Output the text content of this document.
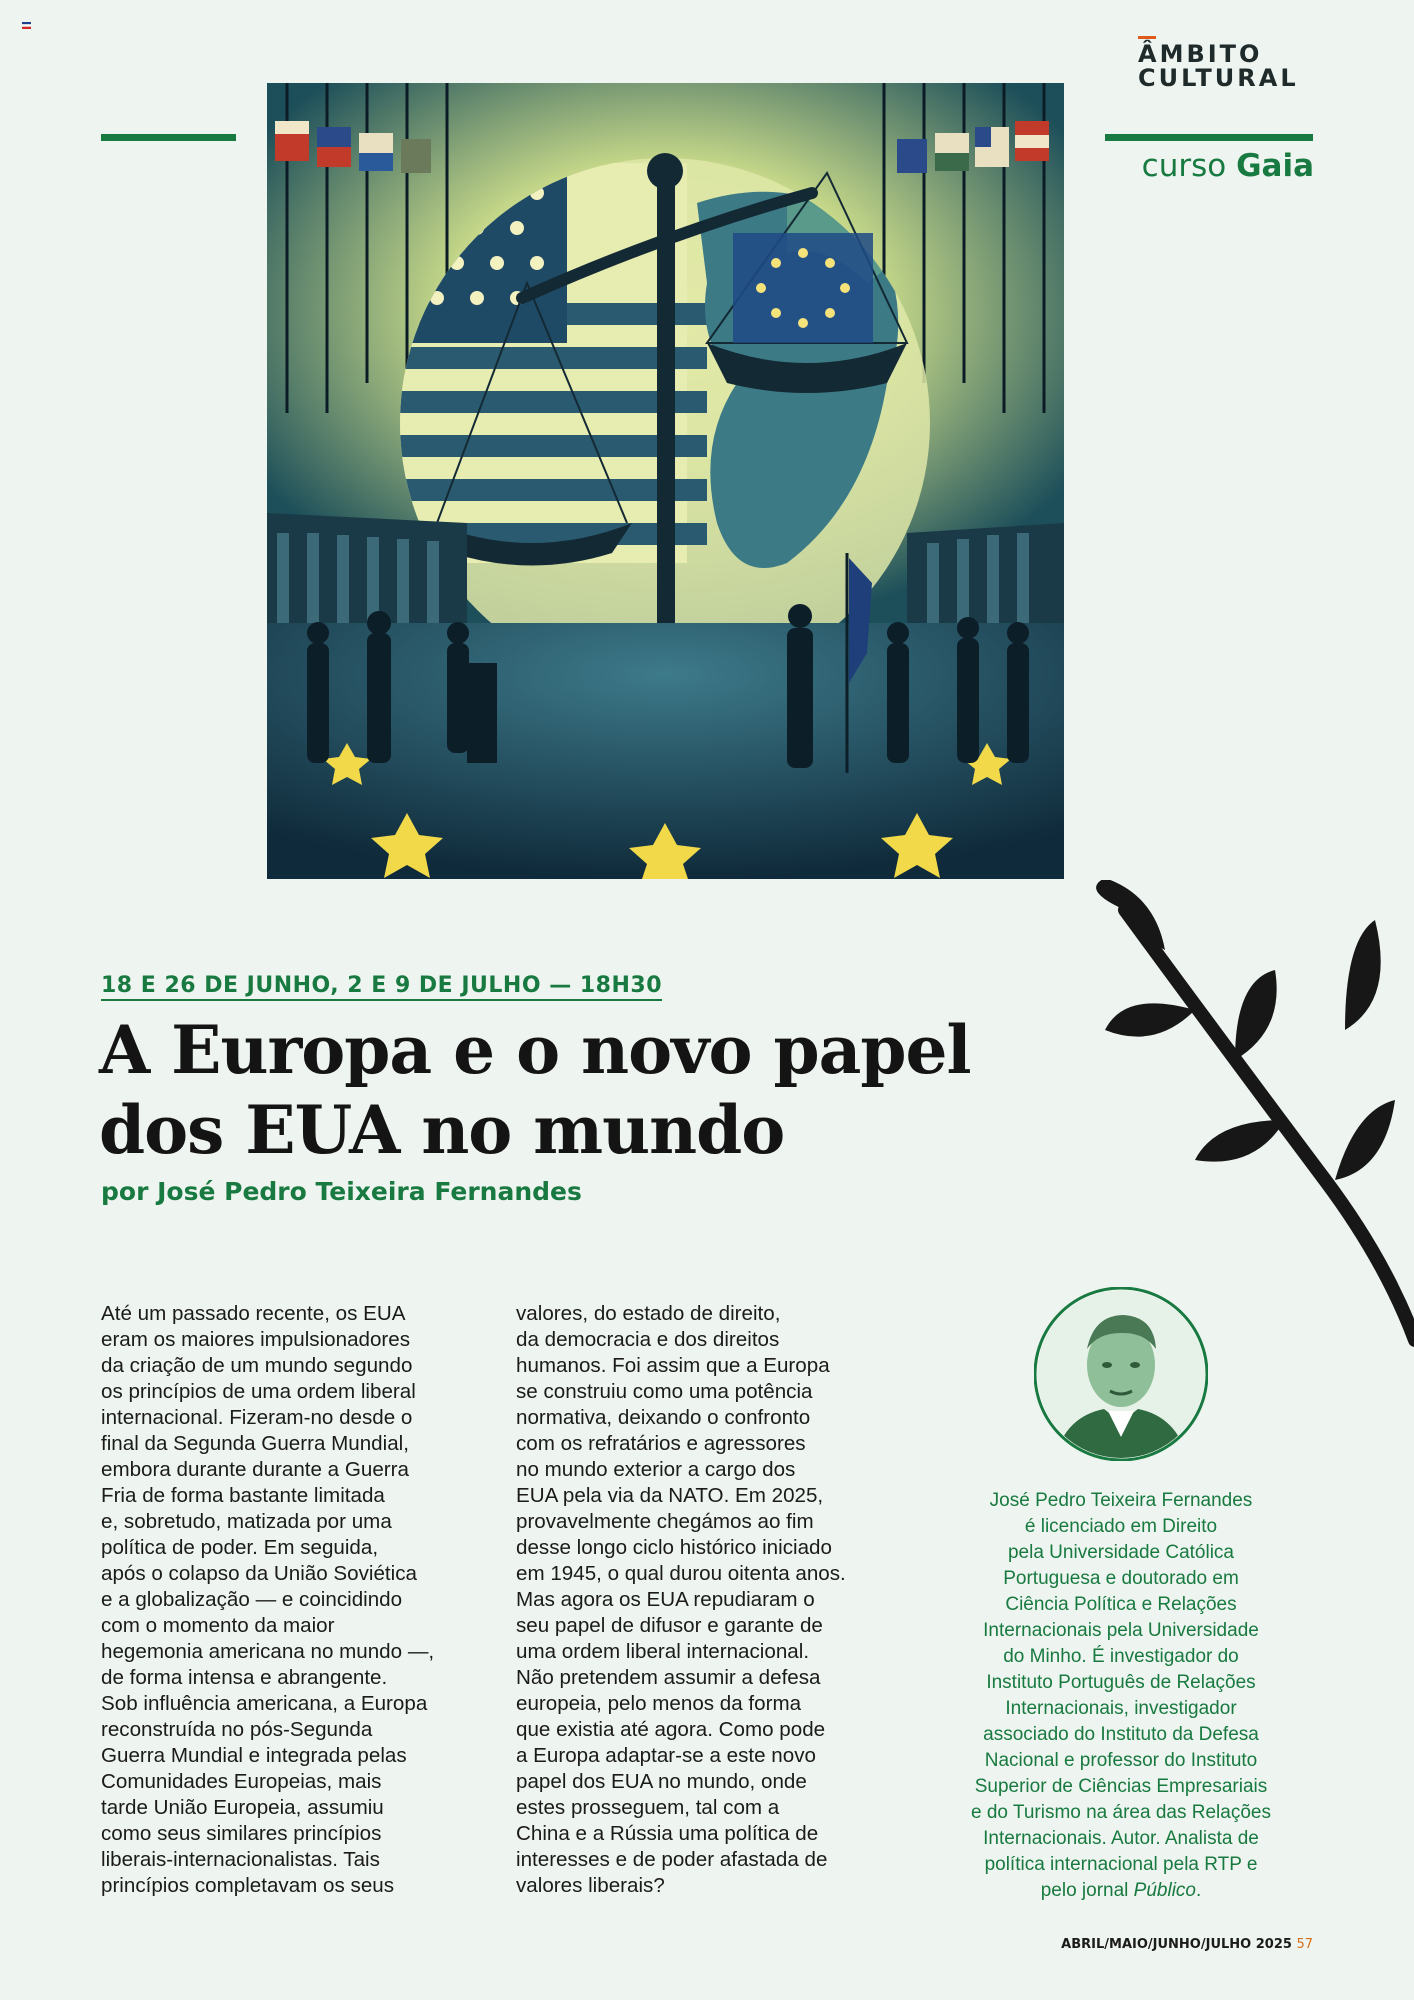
ÂMBITO
CULTURAL
curso Gaia
18 E 26 DE JUNHO, 2 E 9 DE JULHO — 18H30
A Europa e o novo papel
dos EUA no mundo
por José Pedro Teixeira Fernandes
Até um passado recente, os EUA
eram os maiores impulsionadores
da criação de um mundo segundo
os princípios de uma ordem liberal
internacional. Fizeram-no desde o
final da Segunda Guerra Mundial,
embora durante durante a Guerra
Fria de forma bastante limitada
e, sobretudo, matizada por uma
política de poder. Em seguida,
após o colapso da União Soviética
e a globalização — e coincidindo
com o momento da maior
hegemonia americana no mundo —,
de forma intensa e abrangente.
Sob influência americana, a Europa
reconstruída no pós-Segunda
Guerra Mundial e integrada pelas
Comunidades Europeias, mais
tarde União Europeia, assumiu
como seus similares princípios
liberais-internacionalistas. Tais
princípios completavam os seus
valores, do estado de direito,
da democracia e dos direitos
humanos. Foi assim que a Europa
se construiu como uma potência
normativa, deixando o confronto
com os refratários e agressores
no mundo exterior a cargo dos
EUA pela via da NATO. Em 2025,
provavelmente chegámos ao fim
desse longo ciclo histórico iniciado
em 1945, o qual durou oitenta anos.
Mas agora os EUA repudiaram o
seu papel de difusor e garante de
uma ordem liberal internacional.
Não pretendem assumir a defesa
europeia, pelo menos da forma
que existia até agora. Como pode
a Europa adaptar-se a este novo
papel dos EUA no mundo, onde
estes prosseguem, tal com a
China e a Rússia uma política de
interesses e de poder afastada de
valores liberais?
José Pedro Teixeira Fernandes
é licenciado em Direito
pela Universidade Católica
Portuguesa e doutorado em
Ciência Política e Relações
Internacionais pela Universidade
do Minho. É investigador do
Instituto Português de Relações
Internacionais, investigador
associado do Instituto da Defesa
Nacional e professor do Instituto
Superior de Ciências Empresariais
e do Turismo na área das Relações
Internacionais. Autor. Analista de
política internacional pela RTP e
pelo jornal Público.
ABRIL/MAIO/JUNHO/JULHO 2025 57
